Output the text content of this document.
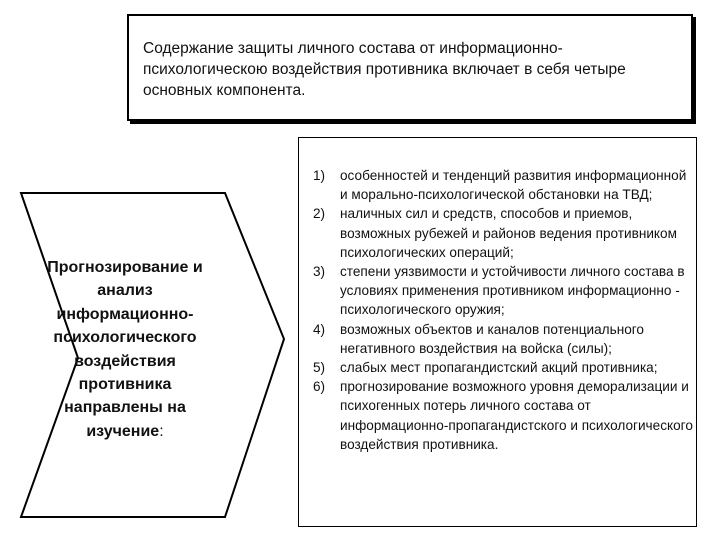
Содержание защиты личного состава от информационно-психологическою воздействия противника включает в себя четыре основных компонента.

Прогнозирование и
анализ
информационно-
психологического
воздействия
противника
направлены на
изучение:
1)	особенностей и тенденций развития информационной и морально-психологической обстановки на ТВД;
2)	наличных сил и средств, способов и приемов, возможных рубежей и районов ведения противником психологических операций;
3)	степени уязвимости и устойчивости личного состава в условиях применения противником информационно - психологического оружия;
4)	возможных объектов и каналов потенциального негативного воздействия на войска (силы);
5)	слабых мест пропагандистский акций противника;
6)	прогнозирование возможного уровня деморализации и психогенных потерь личного состава от информационно-пропагандистского и психологического воздействия противника.
